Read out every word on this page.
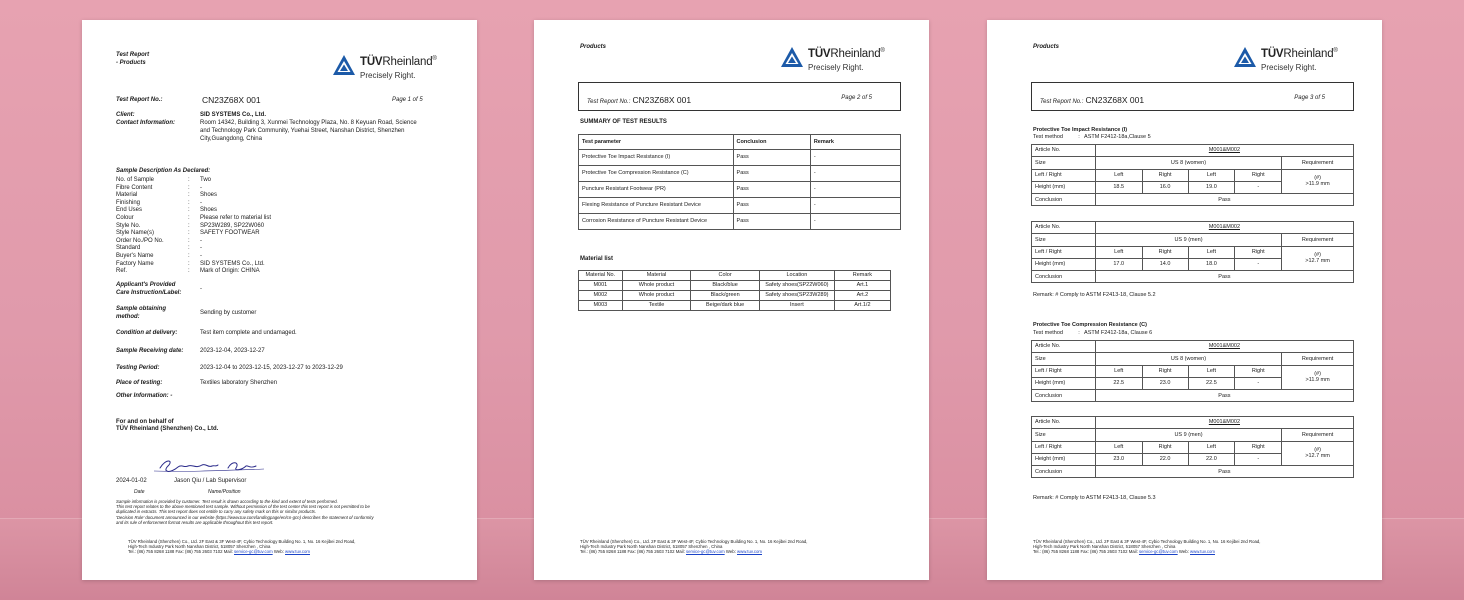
Test Report
- Products	TÜVRheinland®
Precisely Right.
Test Report No.:	CN23Z68X 001	Page 1 of 5
Client:	SID SYSTEMS Co., Ltd.
Contact Information:	Room 14342, Building 3, Xunmei Technology Plaza, No. 8 Keyuan Road, Science
and Technology Park Community, Yuehai Street, Nanshan District, Shenzhen
City,Guangdong, China
Sample Description As Declared:
No. of Sample	: Two
Fibre Content	: -
Material	: Shoes
Finishing	: -
End Uses	: Shoes
Colour	: Please refer to material list
Style No.	: SP23W289, SP22W060
Style Name(s)	: SAFETY FOOTWEAR
Order No./PO No.	: -
Standard	: -
Buyer's Name	: -
Factory Name	: SID SYSTEMS Co., Ltd.
Ref.	: Mark of Origin: CHINA
Applicant's Provided
Care Instruction/Label:
-
Sample obtaining
method:
Sending by customer
Condition at delivery:	Test item complete and undamaged.
Sample Receiving date:	2023-12-04, 2023-12-27
Testing Period:	2023-12-04 to 2023-12-15, 2023-12-27 to 2023-12-29
Place of testing:	Textiles laboratory Shenzhen
Other Information: -
For and on behalf of
TÜV Rheinland (Shenzhen) Co., Ltd.
2024-01-02	Jason Qiu / Lab Supervisor
Date	Name/Position
Sample information is provided by customer. Test result is drawn according to the kind and extent of tests performed.
This test report relates to the above mentioned test sample. Without permission of the test center this test report is not permitted to be
duplicated in extracts. This test report does not entitle to carry any safety mark on this or similar products.
'Decision Rule' document announced in our website (https://www.tuv.com/landingpage/en/cn-gcn) describes the statement of conformity
and its rule of enforcement format results are applicable throughout this test report.
TÜV Rheinland (Shenzhen) Co., Ltd. 2F East & 3F West-4F, Cybio Technology Building No. 1, No. 16 Kejibei 2nd Road,
High-Tech Industry Park North Nanshan District, 518057 Shenzhen , China
Tel.: (86) 755 8268 1188 Fax: (86) 755 2603 7102 Mail: service-gc@tuv.com Web: www.tuv.com
Products
TÜVRheinland®
Precisely Right.
Test Report No.: CN23Z68X 001	Page 2 of 5
SUMMARY OF TEST RESULTS
Test parameter	Conclusion	Remark
Protective Toe Impact Resistance (I)	Pass	-
Protective Toe Compression Resistance (C)	Pass	-
Puncture Resistant Footwear (PR)	Pass	-
Flexing Resistance of Puncture Resistant Device	Pass	-
Corrosion Resistance of Puncture Resistant Device	Pass	-
Material list
Material No.	Material	Color	Location	Remark
M001	Whole product	Black/blue	Safety shoes(SP22W060)	Art.1
M002	Whole product	Black/green	Safety shoes(SP23W289)	Art.2
M003	Textile	Beige/dark blue	Insert	Art.1/2
TÜV Rheinland (Shenzhen) Co., Ltd. 2F East & 3F West-4F, Cybio Technology Building No. 1, No. 16 Kejibei 2nd Road,
High-Tech Industry Park North Nanshan District, 518057 Shenzhen , China
Tel.: (86) 755 8268 1188 Fax: (86) 755 2603 7102 Mail: service-gc@tuv.com Web: www.tuv.com
Products
TÜVRheinland®
Precisely Right.
Test Report No.: CN23Z68X 001	Page 3 of 5
Protective Toe Impact Resistance (I)
Test method          :   ASTM F2412-18a,Clause 5
Article No.	M001&M002				
Size	US 8 (women)				Requirement
Left / Right	Left	Right	Left	Right	(#)
>11.9 mm

Height (mm)	18.5	16.0	19.0	-	
Conclusion	Pass				
Article No.	M001&M002				
Size	US 9 (men)				Requirement
Left / Right	Left	Right	Left	Right	(#)
>12.7 mm

Height (mm)	17.0	14.0	18.0	-	
Conclusion	Pass				
Remark: # Comply to ASTM F2413-18, Clause 5.2
Protective Toe Compression Resistance (C)
Test method          :   ASTM F2412-18a, Clause 6
Article No.	M001&M002				
Size	US 8 (women)				Requirement
Left / Right	Left	Right	Left	Right	(#)
>11.9 mm

Height (mm)	22.5	23.0	22.5	-	
Conclusion	Pass				
Article No.	M001&M002				
Size	US 9 (men)				Requirement
Left / Right	Left	Right	Left	Right	(#)
>12.7 mm

Height (mm)	23.0	22.0	22.0	-	
Conclusion	Pass				
Remark: # Comply to ASTM F2413-18, Clause 5.3
TÜV Rheinland (Shenzhen) Co., Ltd. 2F East & 3F West-4F, Cybio Technology Building No. 1, No. 16 Kejibei 2nd Road,
High-Tech Industry Park North Nanshan District, 518057 Shenzhen , China
Tel.: (86) 755 8268 1188 Fax: (86) 755 2603 7102 Mail: service-gc@tuv.com Web: www.tuv.com
